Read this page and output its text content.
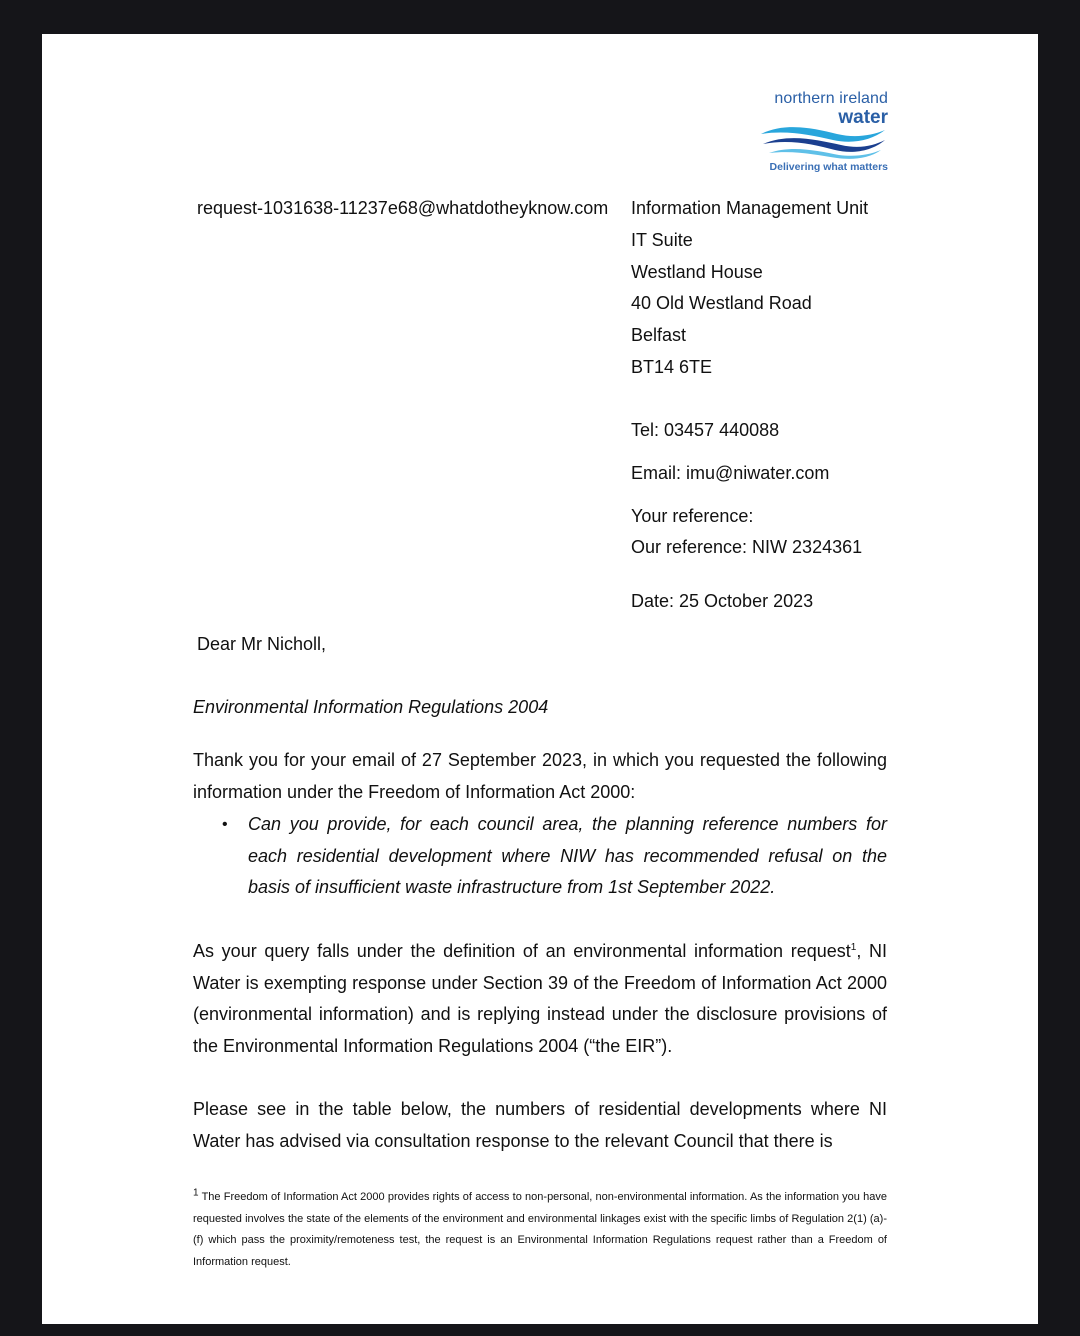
northern ireland
water
Delivering what matters
request-1031638-11237e68@whatdotheyknow.com Information Management Unit
IT Suite
Westland House
40 Old Westland Road
Belfast
BT14 6TE
Tel: 03457 440088
Email: imu@niwater.com
Your reference:
Our reference: NIW 2324361
Date: 25 October 2023
Dear Mr Nicholl,
Environmental Information Regulations 2004
Thank you for your email of 27 September 2023, in which you requested the following information under the Freedom of Information Act 2000:
• Can you provide, for each council area, the planning reference numbers for each residential development where NIW has recommended refusal on the basis of insufficient waste infrastructure from 1st September 2022.
As your query falls under the definition of an environmental information request$^1$, NI Water is exempting response under Section 39 of the Freedom of Information Act 2000 (environmental information) and is replying instead under the disclosure provisions of the Environmental Information Regulations 2004 (“the EIR”).
Please see in the table below, the numbers of residential developments where NI Water has advised via consultation response to the relevant Council that there is
$^1$ The Freedom of Information Act 2000 provides rights of access to non-personal, non-environmental information. As the information you have requested involves the state of the elements of the environment and environmental linkages exist with the specific limbs of Regulation 2(1) (a)-(f) which pass the proximity/remoteness test, the request is an Environmental Information Regulations request rather than a Freedom of Information request.
